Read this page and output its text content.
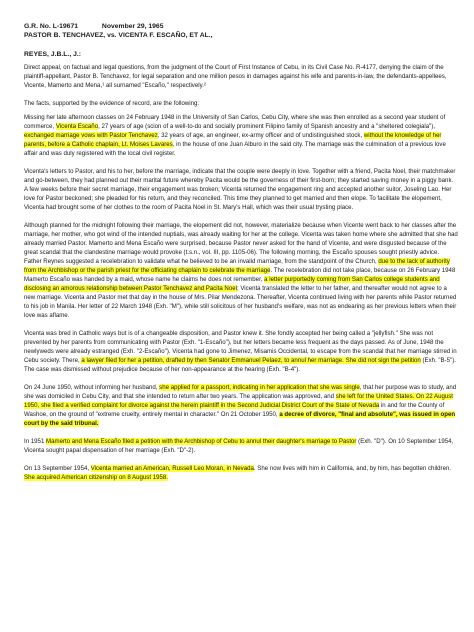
G.R. No. L-19671	November 29, 1965
PASTOR B. TENCHAVEZ, vs. VICENTA F. ESCAÑO, ET AL.,
REYES, J.B.L., J.:

Direct appeal, on factual and legal questions, from the judgment of the Court of First Instance of Cebu, in its Civil Case No. R-4177, denying the claim of the plaintiff-appellant, Pastor B. Tenchavez, for legal separation and one million pesos in damages against his wife and parents-in-law, the defendants-appellees, Vicente, Mamerto and Mena,¹ all surnamed "Escaño," respectively.²

The facts, supported by the evidence of record, are the following:

Missing her late afternoon classes on 24 February 1948 in the University of San Carlos, Cebu City, where she was then enrolled as a second year student of commerce, Vicenta Escaño, 27 years of age (scion of a well-to-do and socially prominent Filipino family of Spanish ancestry and a "sheltered colegiala"), exchanged marriage vows with Pastor Tenchavez, 32 years of age, an engineer, ex-army officer and of undistinguished stock, without the knowledge of her parents, before a Catholic chaplain, Lt. Moises Lavares, in the house of one Juan Alburo in the said city. The marriage was the culmination of a previous love affair and was duly registered with the local civil register.

Vicenta's letters to Pastor, and his to her, before the marriage, indicate that the couple were deeply in love. Together with a friend, Pacita Noel, their matchmaker and go-between, they had planned out their marital future whereby Pacita would be the governess of their first-born; they started saving money in a piggy bank. A few weeks before their secret marriage, their engagement was broken; Vicenta returned the engagement ring and accepted another suitor, Joseling Lao. Her love for Pastor beckoned; she pleaded for his return, and they reconciled. This time they planned to get married and then elope. To facilitate the elopement, Vicenta had brought some of her clothes to the room of Pacita Noel in St. Mary's Hall, which was their usual trysting place.

Although planned for the midnight following their marriage, the elopement did not, however, materialize because when Vicente went back to her classes after the marriage, her mother, who got wind of the intended nuptials, was already waiting for her at the college. Vicenta was taken home where she admitted that she had already married Pastor. Mamerto and Mena Escaño were surprised, because Pastor never asked for the hand of Vicente, and were disgusted because of the great scandal that the clandestine marriage would provoke (t.s.n., vol. III, pp. 1105-06). The following morning, the Escaño spouses sought priestly advice. Father Reynes suggested a recelebration to validate what he believed to be an invalid marriage, from the standpoint of the Church, due to the lack of authority from the Archbishop or the parish priest for the officiating chaplain to celebrate the marriage. The recelebration did not take place, because on 26 February 1948 Mamerto Escaño was handed by a maid, whose name he claims he does not remember, a letter purportedly coming from San Carlos college students and disclosing an amorous relationship between Pastor Tenchavez and Pacita Noel; Vicenta translated the letter to her father, and thereafter would not agree to a new marriage. Vicenta and Pastor met that day in the house of Mrs. Pilar Mendezona. Thereafter, Vicenta continued living with her parents while Pastor returned to his job in Manila. Her letter of 22 March 1948 (Exh. "M"), while still solicitous of her husband's welfare, was not as endearing as her previous letters when their love was aflame.

Vicenta was bred in Catholic ways but is of a changeable disposition, and Pastor knew it. She fondly accepted her being called a "jellyfish." She was not prevented by her parents from communicating with Pastor (Exh. "1-Escaño"), but her letters became less frequent as the days passed. As of June, 1948 the newlyweds were already estranged (Exh. "2-Escaño"). Vicenta had gone to Jimenez, Misamis Occidental, to escape from the scandal that her marriage stirred in Cebu society. There, a lawyer filed for her a petition, drafted by then Senator Emmanuel Pelaez, to annul her marriage. She did not sign the petition (Exh. "B-5"). The case was dismissed without prejudice because of her non-appearance at the hearing (Exh. "B-4").

On 24 June 1950, without informing her husband, she applied for a passport, indicating in her application that she was single, that her purpose was to study, and she was domiciled in Cebu City, and that she intended to return after two years. The application was approved, and she left for the United States. On 22 August 1950, she filed a verified complaint for divorce against the herein plaintiff in the Second Judicial District Court of the State of Nevada in and for the County of Washoe, on the ground of "extreme cruelty, entirely mental in character." On 21 October 1950, a decree of divorce, "final and absolute", was issued in open court by the said tribunal.

In 1951 Mamerto and Mena Escaño filed a petition with the Archbishop of Cebu to annul their daughter's marriage to Pastor (Exh. "D"). On 10 September 1954, Vicenta sought papal dispensation of her marriage (Exh. "D"-2).

On 13 September 1954, Vicenta married an American, Russell Leo Moran, in Nevada. She now lives with him in California, and, by him, has begotten children. She acquired American citizenship on 8 August 1958.
